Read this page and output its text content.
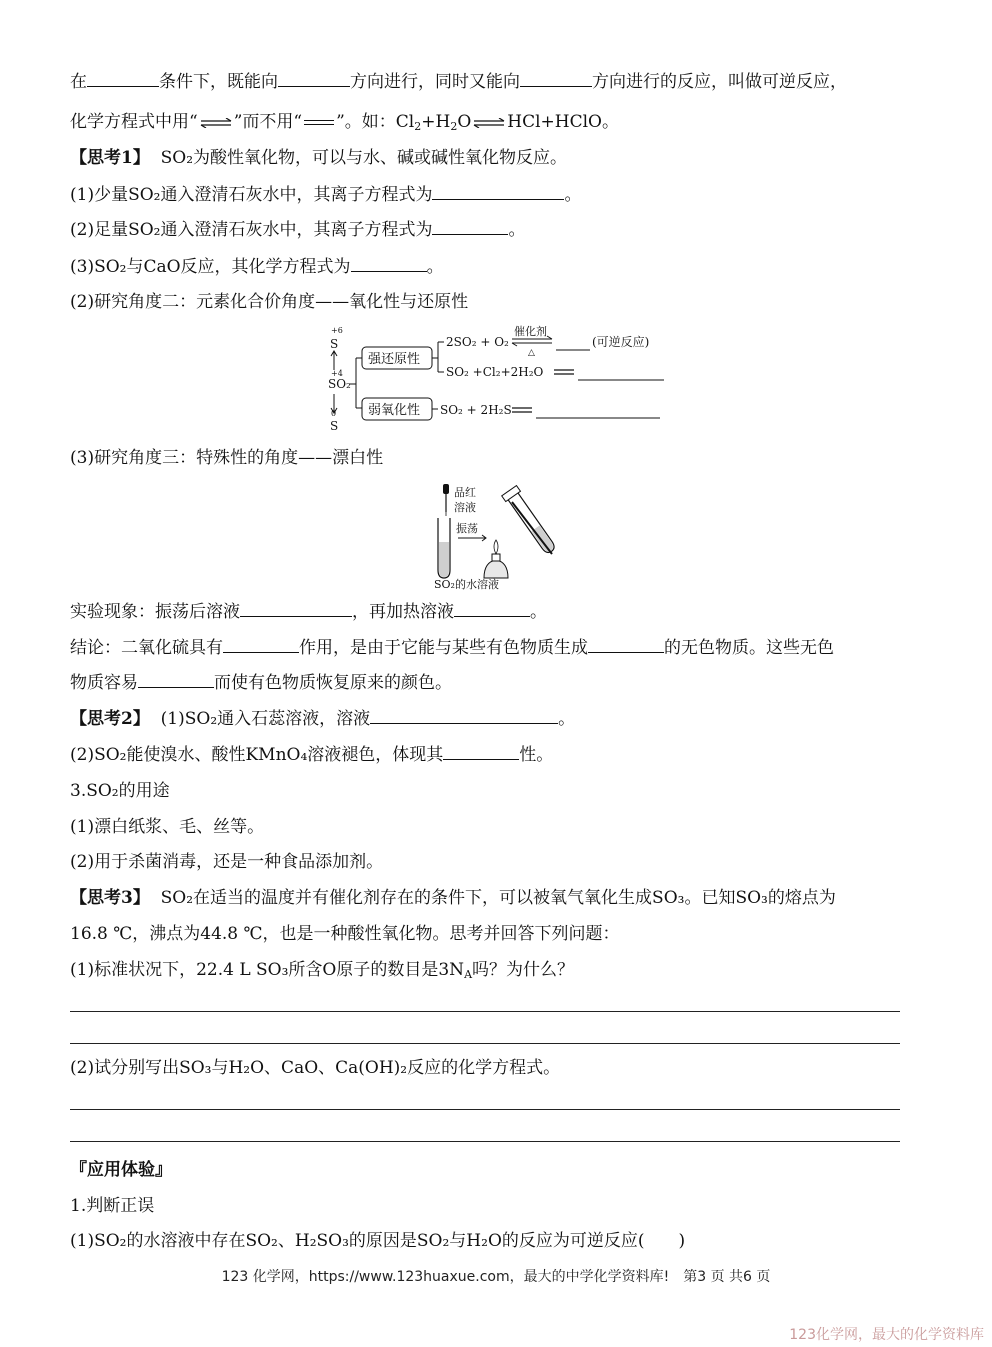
在	条件下，既能向	方向进行，同时又能向	方向进行的反应，叫做可逆反应，
化学方程式中用“ ⇌ ”而不用“ ”。如：$Cl_2+H_2O$ ⇌ HCl+HClO。
【思考1】 SO₂为酸性氧化物，可以与水、碱或碱性氧化物反应。
(1)少量SO₂通入澄清石灰水中，其离子方程式为	。
(2)足量SO₂通入澄清石灰水中，其离子方程式为	。
(3)SO₂与CaO反应，其化学方程式为	。
(2)研究角度二：元素化合价角度——氧化性与还原性
S
+6
+4
SO₂
0
S
强还原性
2SO₂ + O₂
催化剂
△
(可逆反应)
SO₂ +Cl₂+2H₂O
弱氧化性 SO₂ + 2H₂S
(3)研究角度三：特殊性的角度——漂白性
品红
溶液
振荡
SO₂的水溶液
实验现象：振荡后溶液	，再加热溶液	。
结论：二氧化硫具有	作用，是由于它能与某些有色物质生成	的无色物质。这些无色
物质容易	而使有色物质恢复原来的颜色。
【思考2】 (1)SO₂通入石蕊溶液，溶液	。
(2)SO₂能使溴水、酸性KMnO₄溶液褪色，体现其	性。
3.SO₂的用途
(1)漂白纸浆、毛、丝等。
(2)用于杀菌消毒，还是一种食品添加剂。
【思考3】 SO₂在适当的温度并有催化剂存在的条件下，可以被氧气氧化生成SO₃。已知SO₃的熔点为
16.8 ℃，沸点为44.8 ℃，也是一种酸性氧化物。思考并回答下列问题：
(1)标准状况下，22.4 L SO₃所含O原子的数目是$3N_A$吗？为什么？
(2)试分别写出SO₃与H₂O、CaO、Ca(OH)₂反应的化学方程式。
『应用体验』
1.判断正误
(1)SO₂的水溶液中存在SO₂、H₂SO₃的原因是SO₂与H₂O的反应为可逆反应(　　)
123 化学网，https://www.123huaxue.com，最大的中学化学资料库!　第3 页 共6 页
123化学网，最大的化学资料库
